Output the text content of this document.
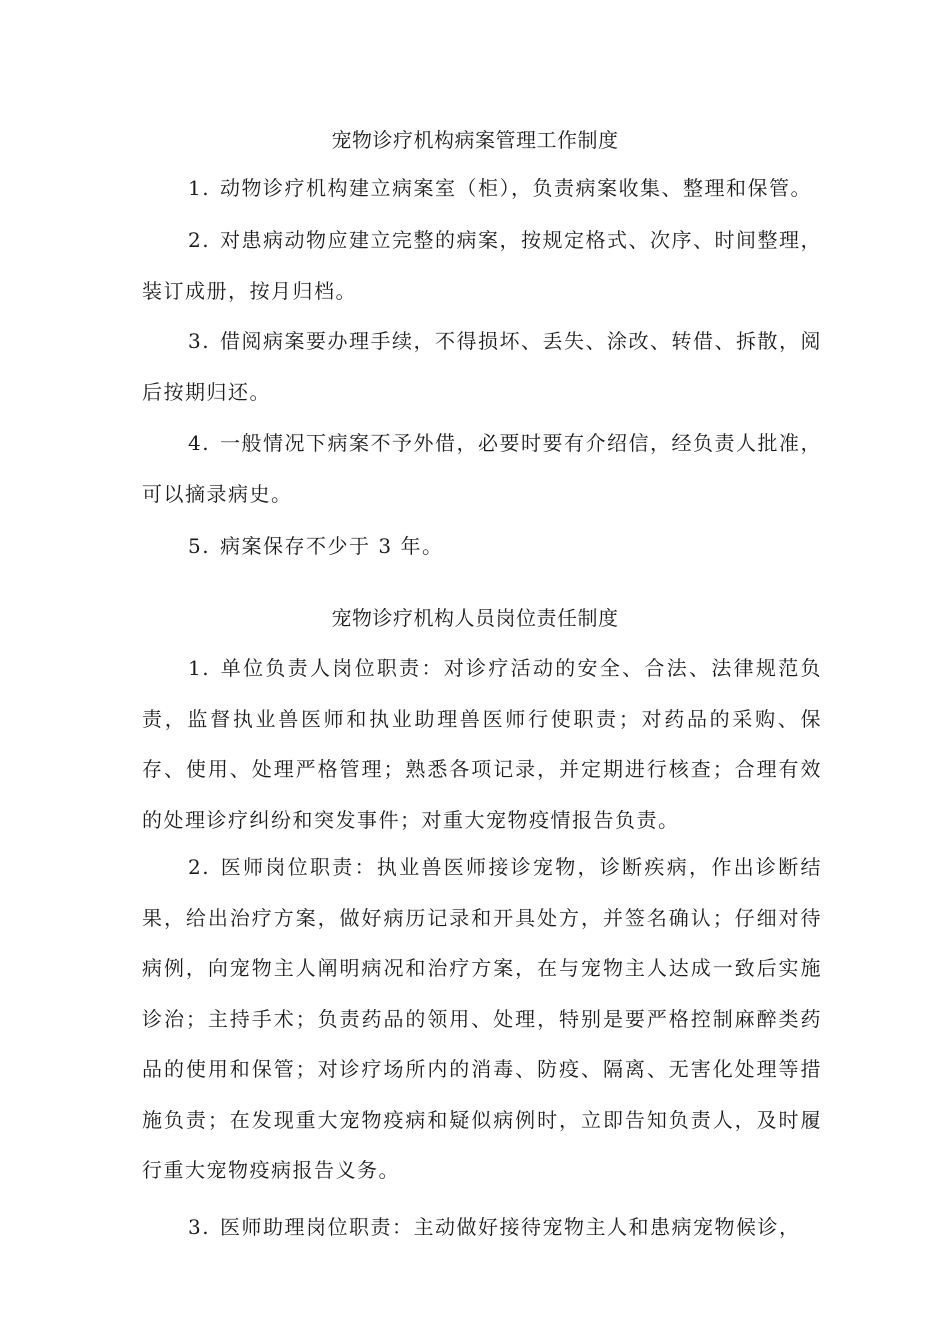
宠物诊疗机构病案管理工作制度
1. 动物诊疗机构建立病案室（柜），负责病案收集、整理和保管。
2. 对患病动物应建立完整的病案，按规定格式、次序、时间整理，装订成册，按月归档。
3. 借阅病案要办理手续，不得损坏、丢失、涂改、转借、拆散，阅后按期归还。
4. 一般情况下病案不予外借，必要时要有介绍信，经负责人批准，可以摘录病史。
5. 病案保存不少于 3 年。
宠物诊疗机构人员岗位责任制度
1. 单位负责人岗位职责：对诊疗活动的安全、合法、法律规范负责，监督执业兽医师和执业助理兽医师行使职责；对药品的采购、保存、使用、处理严格管理；熟悉各项记录，并定期进行核查；合理有效的处理诊疗纠纷和突发事件；对重大宠物疫情报告负责。
2. 医师岗位职责：执业兽医师接诊宠物，诊断疾病，作出诊断结果，给出治疗方案，做好病历记录和开具处方，并签名确认；仔细对待病例，向宠物主人阐明病况和治疗方案，在与宠物主人达成一致后实施诊治；主持手术；负责药品的领用、处理，特别是要严格控制麻醉类药品的使用和保管；对诊疗场所内的消毒、防疫、隔离、无害化处理等措施负责；在发现重大宠物疫病和疑似病例时，立即告知负责人，及时履行重大宠物疫病报告义务。
3. 医师助理岗位职责：主动做好接待宠物主人和患病宠物候诊，
